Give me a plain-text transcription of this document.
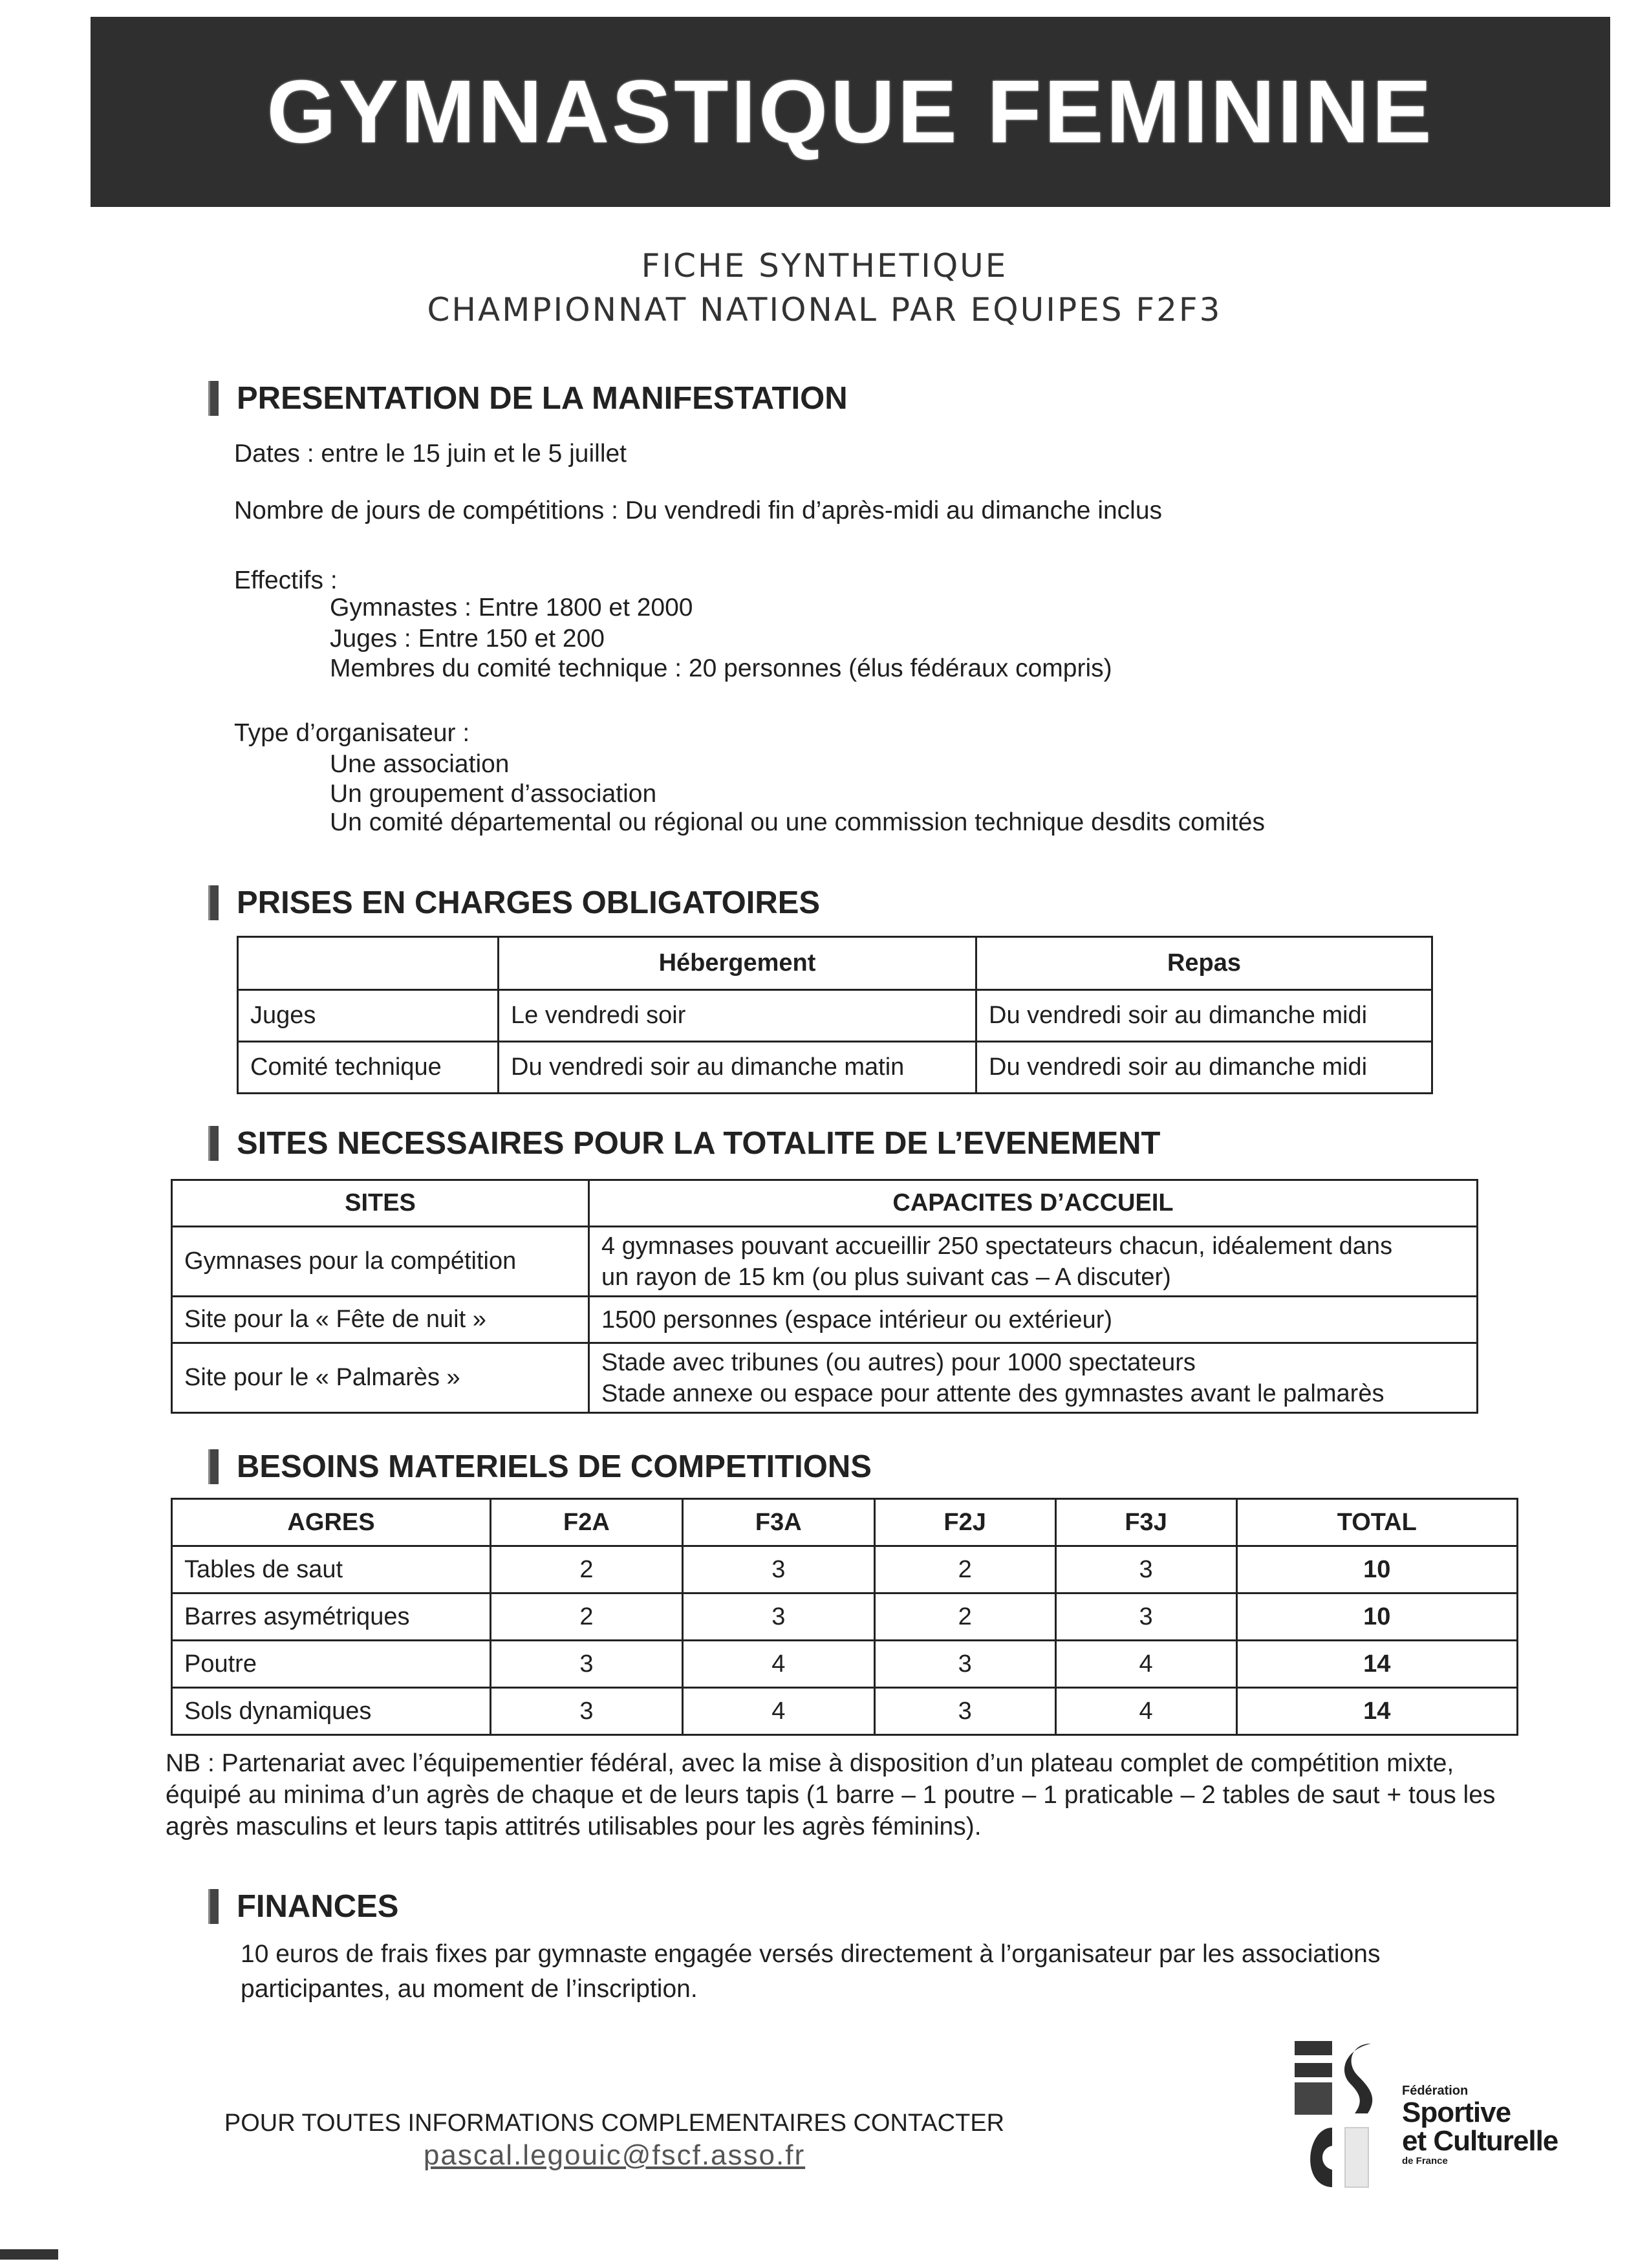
GYMNASTIQUE FEMININE
FICHE SYNTHETIQUE
CHAMPIONNAT NATIONAL PAR EQUIPES F2F3
PRESENTATION DE LA MANIFESTATION
Dates : entre le 15 juin et le 5 juillet
Nombre de jours de compétitions : Du vendredi fin d’après-midi au dimanche inclus
Effectifs :
Gymnastes : Entre 1800 et 2000
Juges : Entre 150 et 200
Membres du comité technique : 20 personnes (élus fédéraux compris)
Type d’organisateur :
Une association
Un groupement d’association
Un comité départemental ou régional ou une commission technique desdits comités
PRISES EN CHARGES OBLIGATOIRES
	Hébergement	Repas
Juges	Le vendredi soir	Du vendredi soir au dimanche midi
Comité technique	Du vendredi soir au dimanche matin	Du vendredi soir au dimanche midi
SITES NECESSAIRES POUR LA TOTALITE DE L’EVENEMENT
SITES	CAPACITES D’ACCUEIL
Gymnases pour la compétition	4 gymnases pouvant accueillir 250 spectateurs chacun, idéalement dans
un rayon de 15 km (ou plus suivant cas – A discuter)

Site pour la « Fête de nuit »	1500 personnes (espace intérieur ou extérieur)

Site pour le « Palmarès »	Stade avec tribunes (ou autres) pour 1000 spectateurs
Stade annexe ou espace pour attente des gymnastes avant le palmarès
BESOINS MATERIELS DE COMPETITIONS
AGRES	F2A	F3A	F2J	F3J	TOTAL
Tables de saut	2	3	2	3	10
Barres asymétriques	2	3	2	3	10
Poutre	3	4	3	4	14
Sols dynamiques	3	4	3	4	14
NB : Partenariat avec l’équipementier fédéral, avec la mise à disposition d’un plateau complet de compétition mixte, équipé au minima d’un agrès de chaque et de leurs tapis (1 barre – 1 poutre – 1 praticable – 2 tables de saut + tous les agrès masculins et leurs tapis attitrés utilisables pour les agrès féminins).
FINANCES
10 euros de frais fixes par gymnaste engagée versés directement à l’organisateur par les associations
participantes, au moment de l’inscription.
POUR TOUTES INFORMATIONS COMPLEMENTAIRES CONTACTER
pascal.legouic@fscf.asso.fr
Fédération
Sportive
et Culturelle
de France
